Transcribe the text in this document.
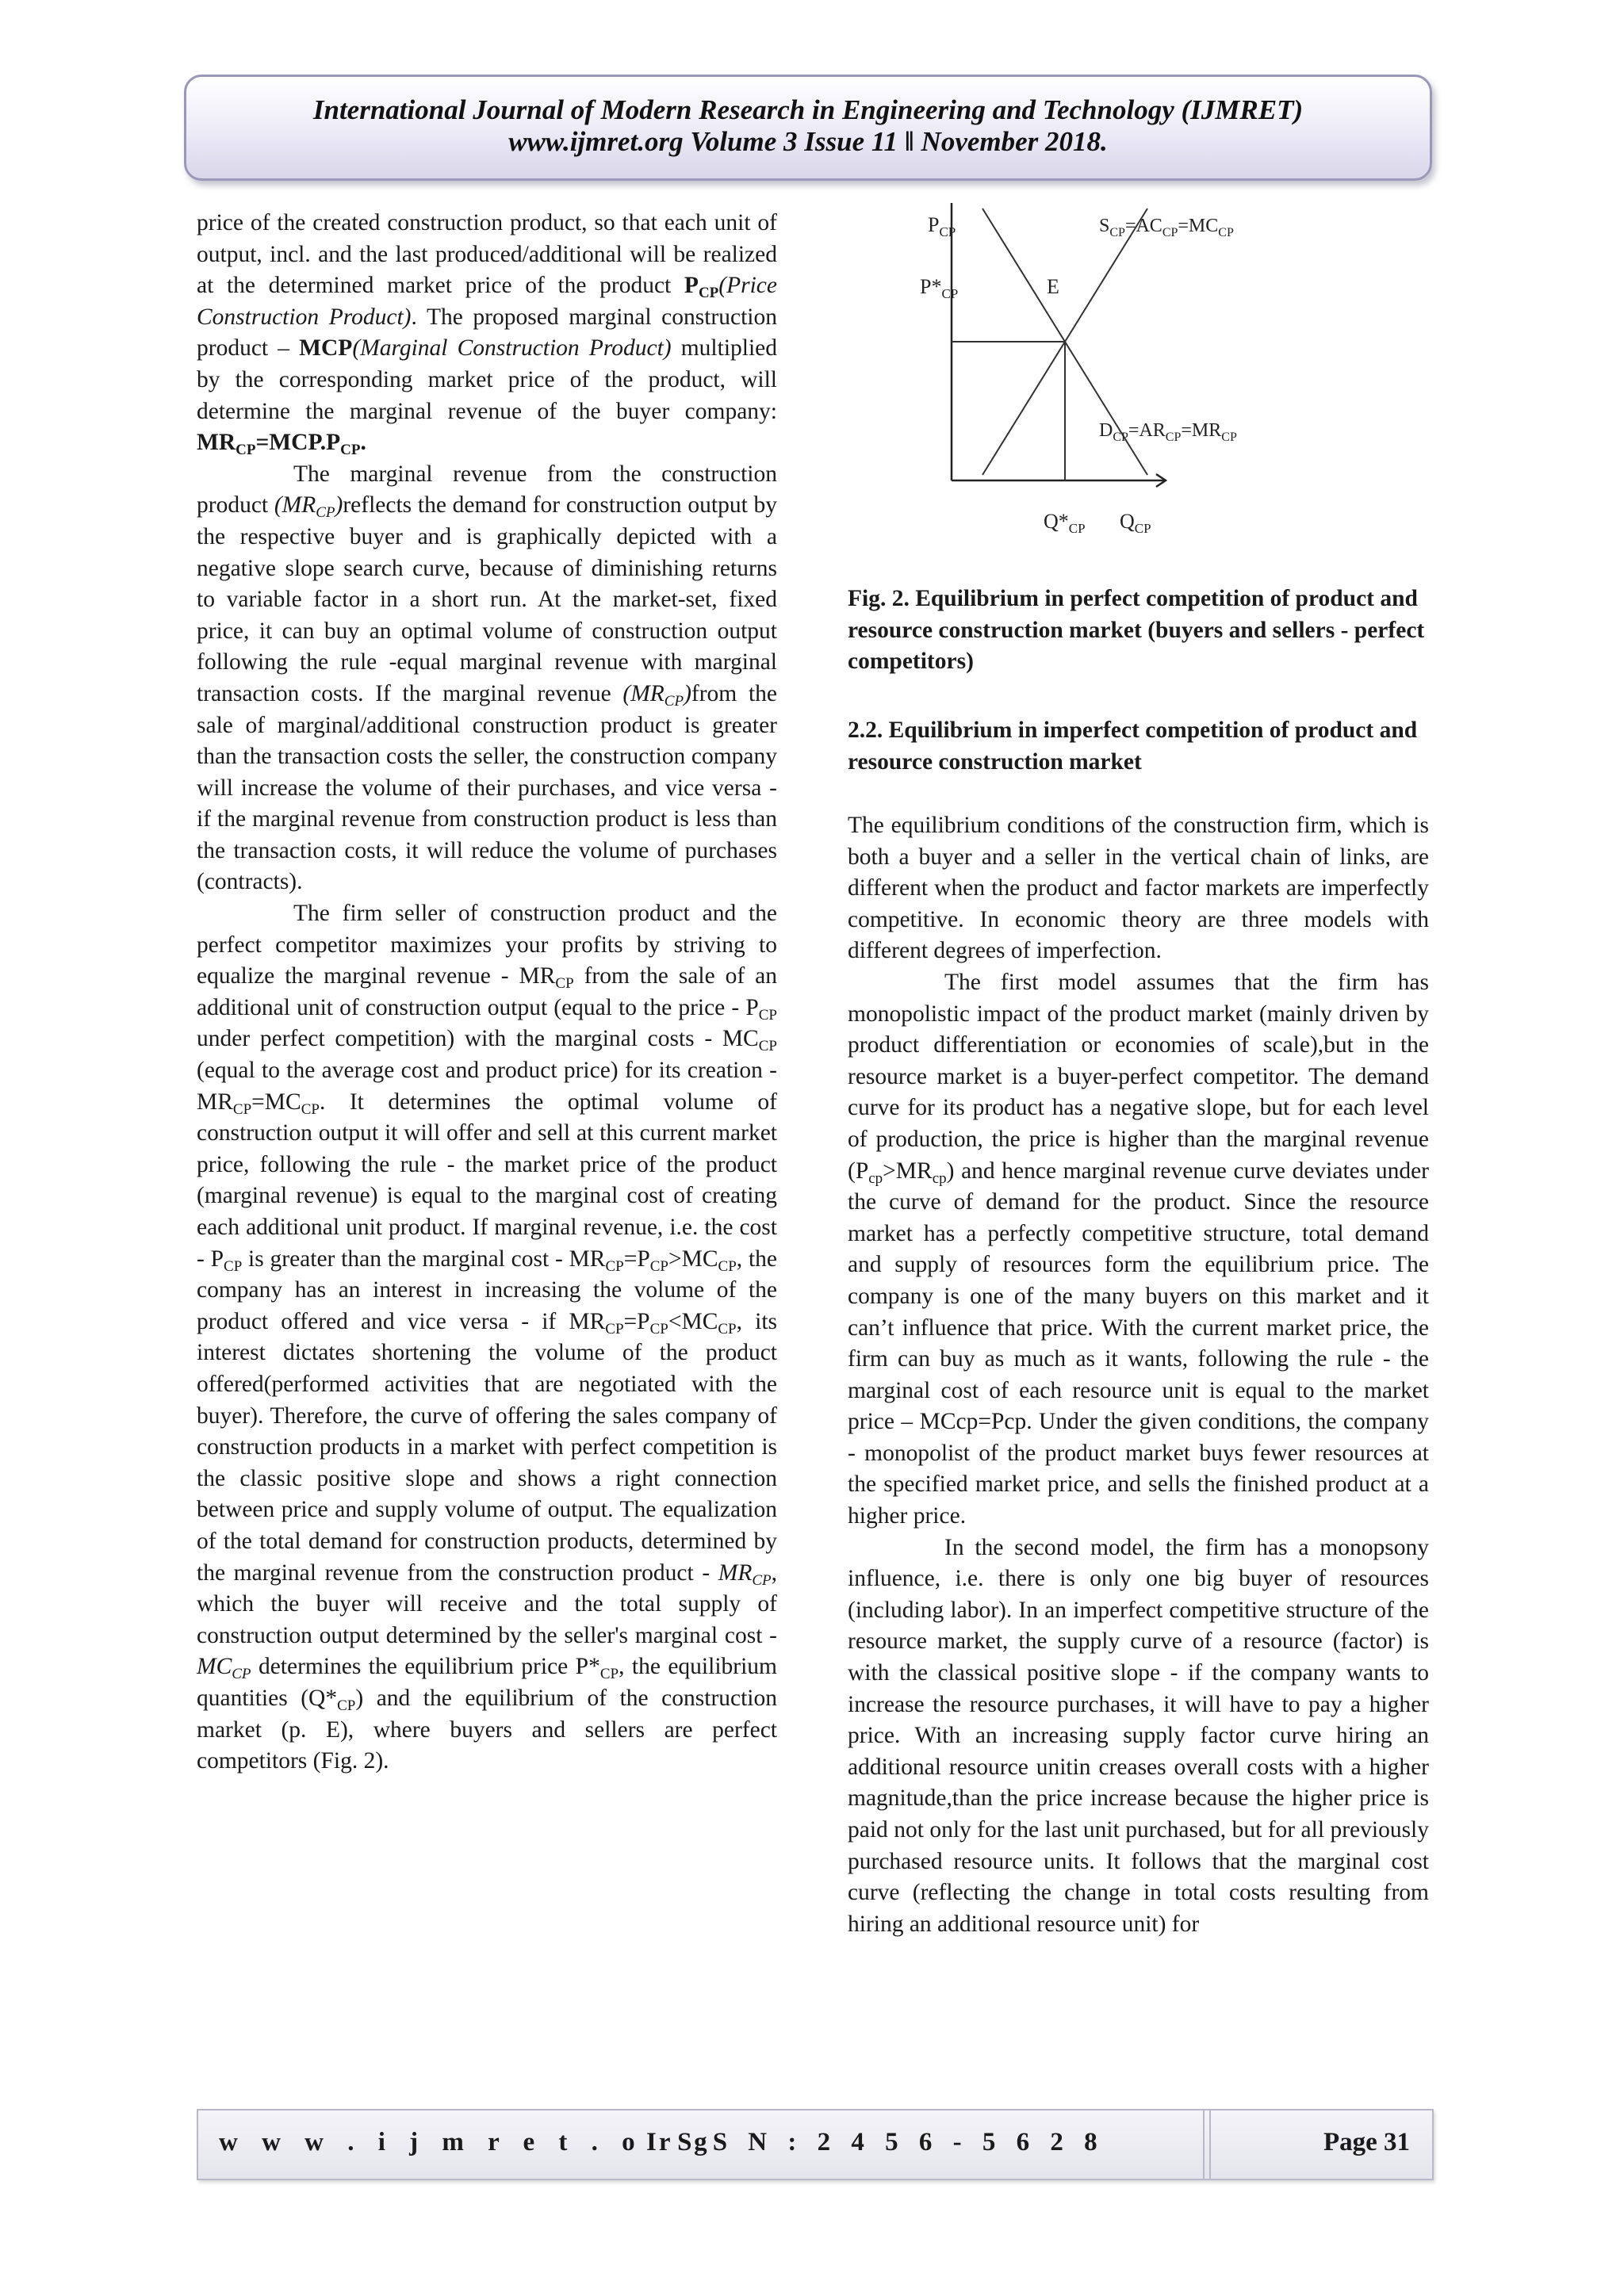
International Journal of Modern Research in Engineering and Technology (IJMRET)
www.ijmret.org Volume 3 Issue 11 ǁ November 2018.

price of the created construction product, so that each unit of output, incl. and the last produced/additional will be realized at the determined market price of the product $P_{CP}(Price$ Construction Product). The proposed marginal construction product – MCP(Marginal Construction Product) multiplied by the corresponding market price of the product, will determine the marginal revenue of the buyer company: $MR_{CP}=MCP.P_{CP}$.

The marginal revenue from the construction product $(MR_{CP})reflects$ the demand for construction output by the respective buyer and is graphically depicted with a negative slope search curve, because of diminishing returns to variable factor in a short run. At the market-set, fixed price, it can buy an optimal volume of construction output following the rule -equal marginal revenue with marginal transaction costs. If the marginal revenue $(MR_{CP})from$ the sale of marginal/additional construction product is greater than the transaction costs the seller, the construction company will increase the volume of their purchases, and vice versa - if the marginal revenue from construction product is less than the transaction costs, it will reduce the volume of purchases (contracts).

The firm seller of construction product and the perfect competitor maximizes your profits by striving to equalize the marginal revenue - $MR_{CP}$ from the sale of an additional unit of construction output (equal to the price - $P_{CP}$ under perfect competition) with the marginal costs - $MC_{CP}$ (equal to the average cost and product price) for its creation - $MR_{CP}=MC_{CP}$. It determines the optimal volume of construction output it will offer and sell at this current market price, following the rule - the market price of the product (marginal revenue) is equal to the marginal cost of creating each additional unit product. If marginal revenue, i.e. the cost - $P_{CP}$ is greater than the marginal $\cos t - MR_{CP}=P_{CP}>MC_{CP}$, the company has an interest in increasing the volume of the product offered and vice versa - if $MR_{CP}=P_{CP}<MC_{CP}$, its interest dictates shortening the volume of the product offered(performed activities that are negotiated with the buyer). Therefore, the curve of offering the sales company of construction products in a market with perfect competition is the classic positive slope and shows a right connection between price and supply volume of output. The equalization of the total demand for construction products, determined by the marginal revenue from the construction product - $MR_{CP}$, which the buyer will receive and the total supply of construction output determined by the seller's marginal cost - $MC_{CP}$ determines the equilibrium price $P*_{CP}$, the equilibrium quantities $(Q*_{CP})$ and the equilibrium of the construction market (p. E), where buyers and sellers are perfect competitors (Fig. 2).

$P_{CP}$
$P*_{CP}$	E
$S_{CP}=AC_{CP}=MC_{CP}$
$D_{CP}=AR_{CP}=MR_{CP}$
$Q*_{CP}$ $Q_{CP}$
Fig. 2. Equilibrium in perfect competition of product and resource construction market (buyers and sellers - perfect competitors)
2.2. Equilibrium in imperfect competition of product and resource construction market

The equilibrium conditions of the construction firm, which is both a buyer and a seller in the vertical chain of links, are different when the product and factor markets are imperfectly competitive. In economic theory are three models with different degrees of imperfection.

The first model assumes that the firm has monopolistic impact of the product market (mainly driven by product differentiation or economies of scale),but in the resource market is a buyer-perfect competitor. The demand curve for its product has a negative slope, but for each level of production, the price is higher than the marginal revenue $(P_{cp}>MR_{cp})$ and hence marginal revenue curve deviates under the curve of demand for the product. Since the resource market has a perfectly competitive structure, total demand and supply of resources form the equilibrium price. The company is one of the many buyers on this market and it can’t influence that price. With the current market price, the firm can buy as much as it wants, following the rule - the marginal cost of each resource unit is equal to the market price – MCcp=Pcp. Under the given conditions, the company - monopolist of the product market buys fewer resources at the specified market price, and sells the finished product at a higher price.

In the second model, the firm has a monopsony influence, i.e. there is only one big buyer of resources (including labor). In an imperfect competitive structure of the resource market, the supply curve of a resource (factor) is with the classical positive slope - if the company wants to increase the resource purchases, it will have to pay a higher price. With an increasing supply factor curve hiring an additional resource unitin creases overall costs with a higher magnitude,than the price increase because the higher price is paid not only for the last unit purchased, but for all previously purchased resource units. It follows that the marginal cost curve (reflecting the change in total costs resulting from hiring an additional resource unit) for

w w w . i j m r e t . o r g
I S S N : 2 4 5 6 - 5 6 2 8	Page 31
